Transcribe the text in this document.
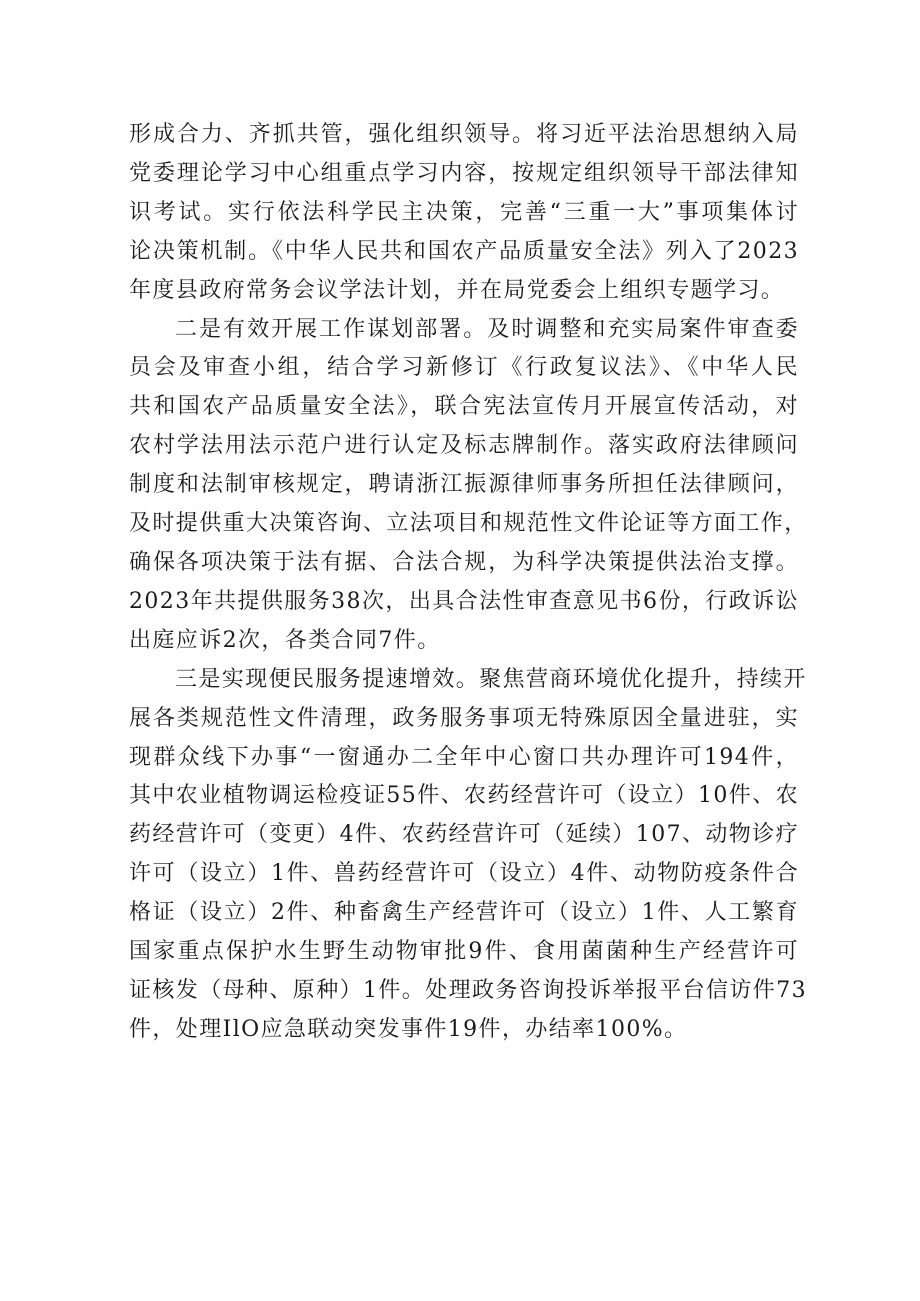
形成合力、齐抓共管，强化组织领导。将习近平法治思想纳入局
党委理论学习中心组重点学习内容，按规定组织领导干部法律知
识考试。实行依法科学民主决策，完善“三重一大”事项集体讨
论决策机制。《中华人民共和国农产品质量安全法》列入了2023
年度县政府常务会议学法计划，并在局党委会上组织专题学习。
二是有效开展工作谋划部署。及时调整和充实局案件审查委
员会及审查小组，结合学习新修订《行政复议法》、《中华人民
共和国农产品质量安全法》，联合宪法宣传月开展宣传活动，对
农村学法用法示范户进行认定及标志牌制作。落实政府法律顾问
制度和法制审核规定，聘请浙江振源律师事务所担任法律顾问，
及时提供重大决策咨询、立法项目和规范性文件论证等方面工作，
确保各项决策于法有据、合法合规，为科学决策提供法治支撑。
2023年共提供服务38次，出具合法性审查意见书6份，行政诉讼
出庭应诉2次，各类合同7件。
三是实现便民服务提速增效。聚焦营商环境优化提升，持续开
展各类规范性文件清理，政务服务事项无特殊原因全量进驻，实
现群众线下办事“一窗通办二全年中心窗口共办理许可194件，
其中农业植物调运检疫证55件、农药经营许可（设立）10件、农
药经营许可（变更）4件、农药经营许可（延续）107、动物诊疗
许可（设立）1件、兽药经营许可（设立）4件、动物防疫条件合
格证（设立）2件、种畜禽生产经营许可（设立）1件、人工繁育
国家重点保护水生野生动物审批9件、食用菌菌种生产经营许可
证核发（母种、原种）1件。处理政务咨询投诉举报平台信访件73
件，处理IlO应急联动突发事件19件，办结率100%。
